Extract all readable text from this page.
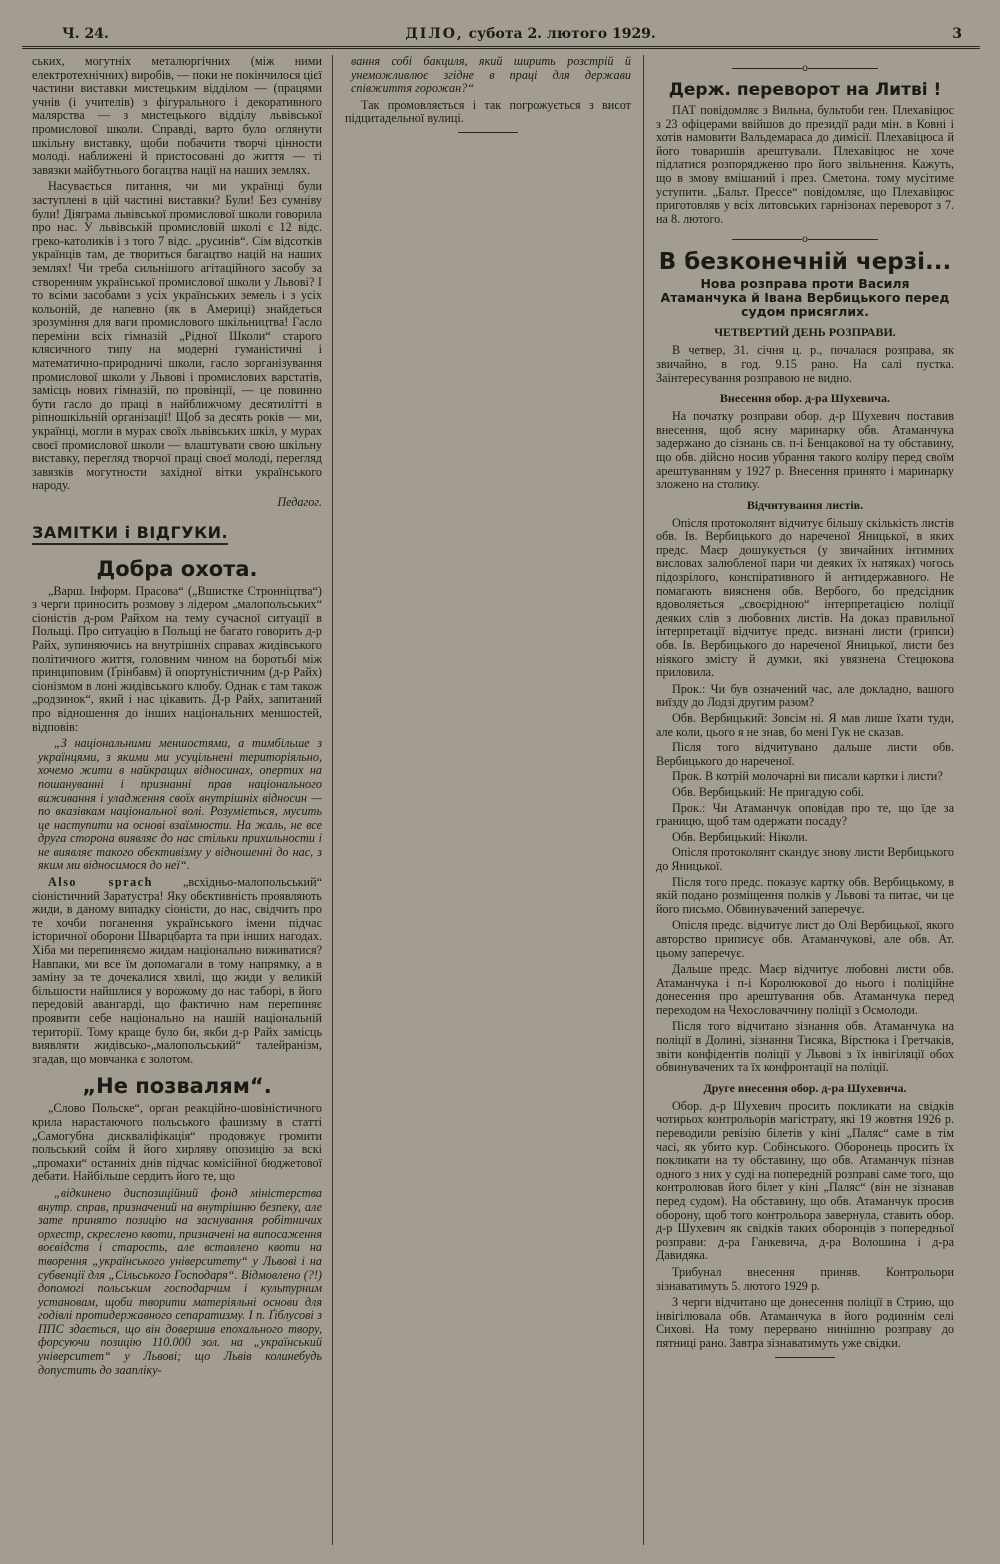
Ч. 24.	ДІЛО, субота 2. лютого 1929.	3

ських, могутніх металюргічних (між ними електротехнічних) виробів, — поки не покінчилося цієї частини виставки мистецьким відділом — (працями учнів (і учителів) з фігурального і декоративного малярства — з мистецького відділу львівської промислової школи. Справді, варто було оглянути шкільну виставку, щоби побачити творчі цінности молоді. наближені й пристосовані до життя — ті завязки майбутнього богацтва нації на наших землях.

Насувається питання, чи ми українці були заступлені в цій частині виставки? Були! Без сумніву були! Діяграма львівської промислової школи говорила про нас. У львівській промисловій школі є 12 відс. греко-католиків і з того 7 відс. „русинів“. Сім відсотків українців там, де твориться багацтво націй на наших землях! Чи треба сильнішого агітаційного засобу за створенням української промислової школи у Львові? І то всіми засобами з усіх українських земель і з усіх кольоній, де напевно (як в Америці) знайдеться зрозуміння для ваги промислового шкільництва! Гасло переміни всіх гімназій „Рідної Школи“ старого клясичного типу на модерні гуманістичні і математично-природничі школи, гасло зорганізування промислової школи у Львові і промислових варстатів, замісць нових гімназій, по провінції, — це повинно бути гасло до праці в найближчому десятилітті в ріпношкільній організації! Щоб за десять років — ми, українці, могли в мурах своїх львівських шкіл, у мурах своєї промислової школи — влаштувати свою шкільну виставку, перегляд творчої праці своєї молоді, перегляд завязків могутности західної вітки українського народу.

Педагог.

ЗАМІТКИ і ВІДГУКИ.
Добра охота.

„Варш. Інформ. Прасова“ („Вшистке Стронніцтва“) з черги приносить розмову з лідером „малопольських“ сіоністів д-ром Райхом на тему сучасної ситуації в Польщі. Про ситуацію в Польщі не багато говорить д-р Райх, зупиняючись на внутрішніх справах жидівського політичного життя, головним чином на боротьбі між принциповим (Ґрінбавм) й опортуністичним (д-р Райх) сіонізмом в лоні жидівського клюбу. Однак є там також „родзинок“, який і нас цікавить. Д-р Райх, запитаний про відношення до інших національних меншостей, відповів:

„З національними меншостями, а тимбільше з українцями, з якими ми усуцільнені територіяльно, хочемо жити в найкращих відносинах, опертих на пошануванні і признанні прав національного виживання і уладження своїх внутрішніх відносин — по вказівкам національної волі. Розуміється, мусить це наступити на основі взаїмности. На жаль, не все друга сторона виявляє до нас стільки прихильности і не виявляє такого обєктивізму у відношенні до нас, з яким ми відносимося до неї“.

Also sprach „всхідньо-малопольський“ сіоністичний Заратустра! Яку обєктивність проявляють жиди, в даному випадку сіоністи, до нас, свідчить про те хочби поганення українського імени підчас історичної оборони Шварцбарта та при інших нагодах. Хіба ми перепиняємо жидам національно виживатися? Навпаки, ми все їм допомагали в тому напрямку, а в заміну за те дочекалися хвилі, що жиди у великій більшости найшлися у ворожому до нас таборі, в його передовій авангарді, що фактично нам перепиняє проявити себе національно на нашій національній території. Тому краще було би, якби д-р Райх замісць виявляти жидівсько-„малопольський“ талейранізм, згадав, що мовчанка є золотом.

„Не позвалям“.

„Слово Польске“, орган реакційно-шовіністичного крила нарастаючого польського фашизму в статті „Самогубна дискваліфікація“ продовжує громити польський сойм й його хирляву опозицію за вскі „промахи“ останніх днів підчас комісійної бюджетової дебати. Найбільше сердить його те, що

„відкинено диспозиційний фонд міністерства внутр. справ, призначений на внутрішню безпеку, але зате принято позицію на заснування робітничих орхестр, скреслено квоти, призначені на випосаження воєвідств і старость, але вставлено квоти на творення „українського університету“ у Львові і на субвенції для „Сільського Господаря“. Відмовлено (?!) допомогі польським господарчим і культурним установам, щоби творити матеріяльні основи для годівлі протидержавного сепаратизму. І п. Ґіблусові з ППС здається, що він довершив епохального твору, форсуючи позицію 110.000 зол. на „український університет“ у Львові; що Львів колинебудь допустить до заапліку-

вання собі бакциля, який ширить розстрій й унеможливлює згідне в праці для держави співжиття горожан?“

Так промовляється і так погрожується з висот підцитадельної вулиці.

o
Держ. переворот на Литві !

ПАТ повідомляє з Вильна, бультоби ген. Плехавіцюс з 23 офіцерами ввійшов до президії ради мін. в Ковні і хотів намовити Вальдемараса до димісії. Плехавіцюса й його товаришів арештували. Плехавіцюс не хоче підлатися розпорядженю про його звільнення. Кажуть, що в змову вмішаний і през. Сметона. тому мусітиме уступити. „Бальт. Прессе“ повідомляє, що Плехавіцюс приготовляв у всіх литовських гарнізонах переворот з 7. на 8. лютого.

o
В безконечній черзі...
Нова розправа проти Василя Атаманчука й Івана Вербицького перед судом присяглих.
ЧЕТВЕРТИЙ ДЕНЬ РОЗПРАВИ.

В четвер, 31. січня ц. р., почалася розправа, як звичайно, в год. 9.15 рано. На салі пустка. Заінтересування розправою не видно.

Внесення обор. д-ра Шухевича.

На початку розправи обор. д-р Шухевич поставив внесення, щоб ясну маринарку обв. Атаманчука задержано до сізнань св. п-і Бенцакової на ту обставину, що обв. дійсно носив убрання такого коліру перед своїм арештуванням у 1927 р. Внесення принято і маринарку зложено на столику.

Відчитування листів.

Опісля протоколянт відчитує більшу скількість листів обв. Ів. Вербицького до нареченої Яницької, в яких предс. Маєр дошукується (у звичайних інтимних висловах залюбленої пари чи деяких їх натяках) чогось підозрілого, конспіративного й антидержавного. Не помагають виясненя обв. Вербого, бо предсідник вдоволяється „своєрідною“ інтерпретацією поліції деяких слів з любовних листів. На доказ правильної інтерпретації відчитує предс. визнані листи (грипси) обв. Ів. Вербицького до нареченої Яницької, листи без ніякого змісту й думки, які увязнена Стецюкова приловила.

Прок.: Чи був означений час, але докладно, вашого виїзду до Лодзі другим разом?

Обв. Вербицький: Зовсім ні. Я мав лише їхати туди, але коли, цього я не знав, бо мені Гук не сказав.

Після того відчитувано дальше листи обв. Вербицького до нареченої.

Прок. В котрій молочарні ви писали картки і листи?

Обв. Вербицький: Не пригадую собі.

Прок.: Чи Атаманчук оповідав про те, що їде за границю, щоб там одержати посаду?

Обв. Вербицький: Ніколи.

Опісля протоколянт скандує знову листи Вербицького до Яницької.

Після того предс. показує картку обв. Вербицькому, в якій подано розміщення полків у Львові та питає, чи це його письмо. Обвинувачений заперечує.

Опісля предс. відчитує лист до Олі Вербицької, якого авторство приписує обв. Атаманчукові, але обв. Ат. цьому заперечує.

Дальше предс. Маєр відчитує любовні листи обв. Атаманчука і п-і Королюкової до нього і поліційне донесення про арештування обв. Атаманчука перед переходом на Чехословаччину поліції з Осмолоди.

Після того відчитано зізнання обв. Атаманчука на поліції в Долині, зізнання Тисяка, Вірстюка і Гретчаків, звіти конфідентів поліції у Львові з їх інвігіляції обох обвинувачених та їх конфронтації на поліції.

Друге внесення обор. д-ра Шухевича.

Обор. д-р Шухевич просить покликати на свідків чотирьох контрольорів магістрату, які 19 жовтня 1926 р. переводили ревізію білетів у кіні „Паляс“ саме в тім часі, як убито кур. Собінського. Оборонець просить їх покликати на ту обставину, що обв. Атаманчук пізнав одного з них у суді на попередній розправі саме того, що контролював його білет у кіні „Паляс“ (він не зізнавав перед судом). На обставину, що обв. Атаманчук просив оборону, щоб того контрольора завернула, ставить обор. д-р Шухевич як свідків таких оборонців з попередньої розправи: д-ра Ганкевича, д-ра Волошина і д-ра Давидяка.

Трибунал внесення приняв. Контрольори зізнаватимуть 5. лютого 1929 р.

З черги відчитано ще донесення поліції в Стрию, що інвігілювала обв. Атаманчука в його родиннім селі Сихові. На тому перервано нинішню розправу до пятниці рано. Завтра зізнаватимуть уже свідки.
